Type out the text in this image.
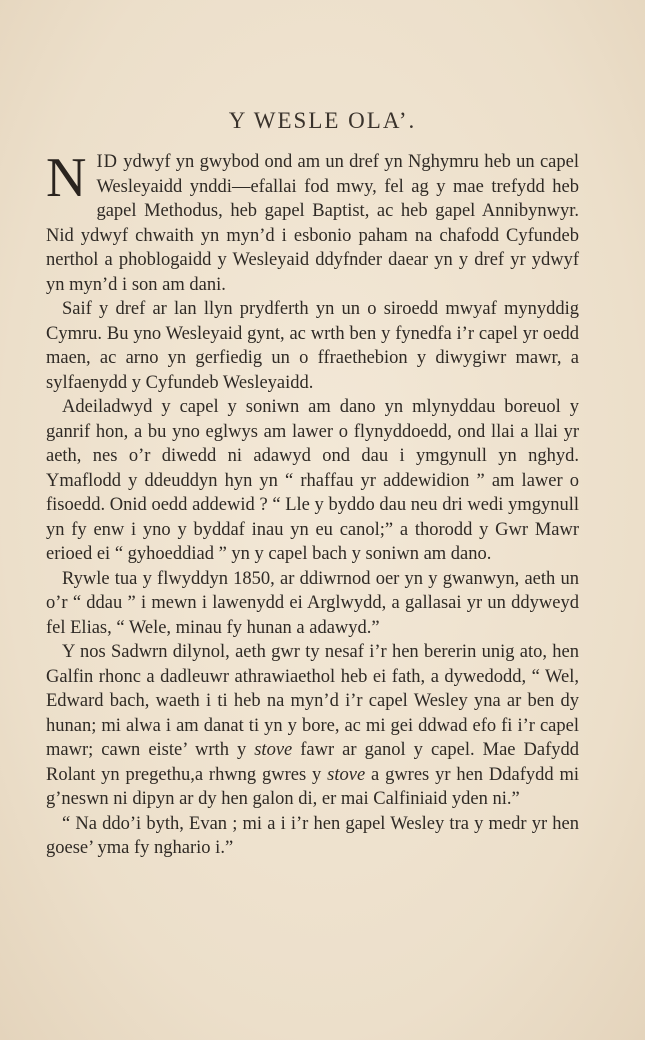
Y WESLE OLA’.

NID ydwyf yn gwybod ond am un dref yn Nghymru heb un capel Wesleyaidd ynddi—efallai fod mwy, fel ag y mae trefydd heb gapel Methodus, heb gapel Baptist, ac heb gapel Annibynwyr. Nid ydwyf chwaith yn myn’d i esbonio paham na chafodd Cyfundeb nerthol a phoblogaidd y Wesleyaid ddyfnder daear yn y dref yr ydwyf yn myn’d i son am dani.

Saif y dref ar lan llyn prydferth yn un o siroedd mwyaf mynyddig Cymru. Bu yno Wesleyaid gynt, ac wrth ben y fynedfa i’r capel yr oedd maen, ac arno yn gerfiedig un o ffraethebion y diwygiwr mawr, a sylfaenydd y Cyfundeb Wesleyaidd.

Adeiladwyd y capel y soniwn am dano yn mlynyddau boreuol y ganrif hon, a bu yno eglwys am lawer o flynyddoedd, ond llai a llai yr aeth, nes o’r diwedd ni adawyd ond dau i ymgynull yn nghyd. Ymaflodd y ddeuddyn hyn yn “ rhaffau yr addewidion ” am lawer o fisoedd. Onid oedd addewid ? “ Lle y byddo dau neu dri wedi ymgynull yn fy enw i yno y byddaf inau yn eu canol;” a thorodd y Gwr Mawr erioed ei “ gyhoeddiad ” yn y capel bach y soniwn am dano.

Rywle tua y flwyddyn 1850, ar ddiwrnod oer yn y gwanwyn, aeth un o’r “ ddau ” i mewn i lawenydd ei Arglwydd, a gallasai yr un ddyweyd fel Elias, “ Wele, minau fy hunan a adawyd.”

Y nos Sadwrn dilynol, aeth gwr ty nesaf i’r hen bererin unig ato, hen Galfin rhonc a dadleuwr athrawiaethol heb ei fath, a dywedodd, “ Wel, Edward bach, waeth i ti heb na myn’d i’r capel Wesley yna ar ben dy hunan; mi alwa i am danat ti yn y bore, ac mi gei ddwad efo fi i’r capel mawr; cawn eiste’ wrth y stove fawr ar ganol y capel. Mae Dafydd Rolant yn pregethu,a rhwng gwres y stove a gwres yr hen Ddafydd mi g’neswn ni dipyn ar dy hen galon di, er mai Calfiniaid yden ni.”

“ Na ddo’i byth, Evan ; mi a i i’r hen gapel Wesley tra y medr yr hen goese’ yma fy nghario i.”
